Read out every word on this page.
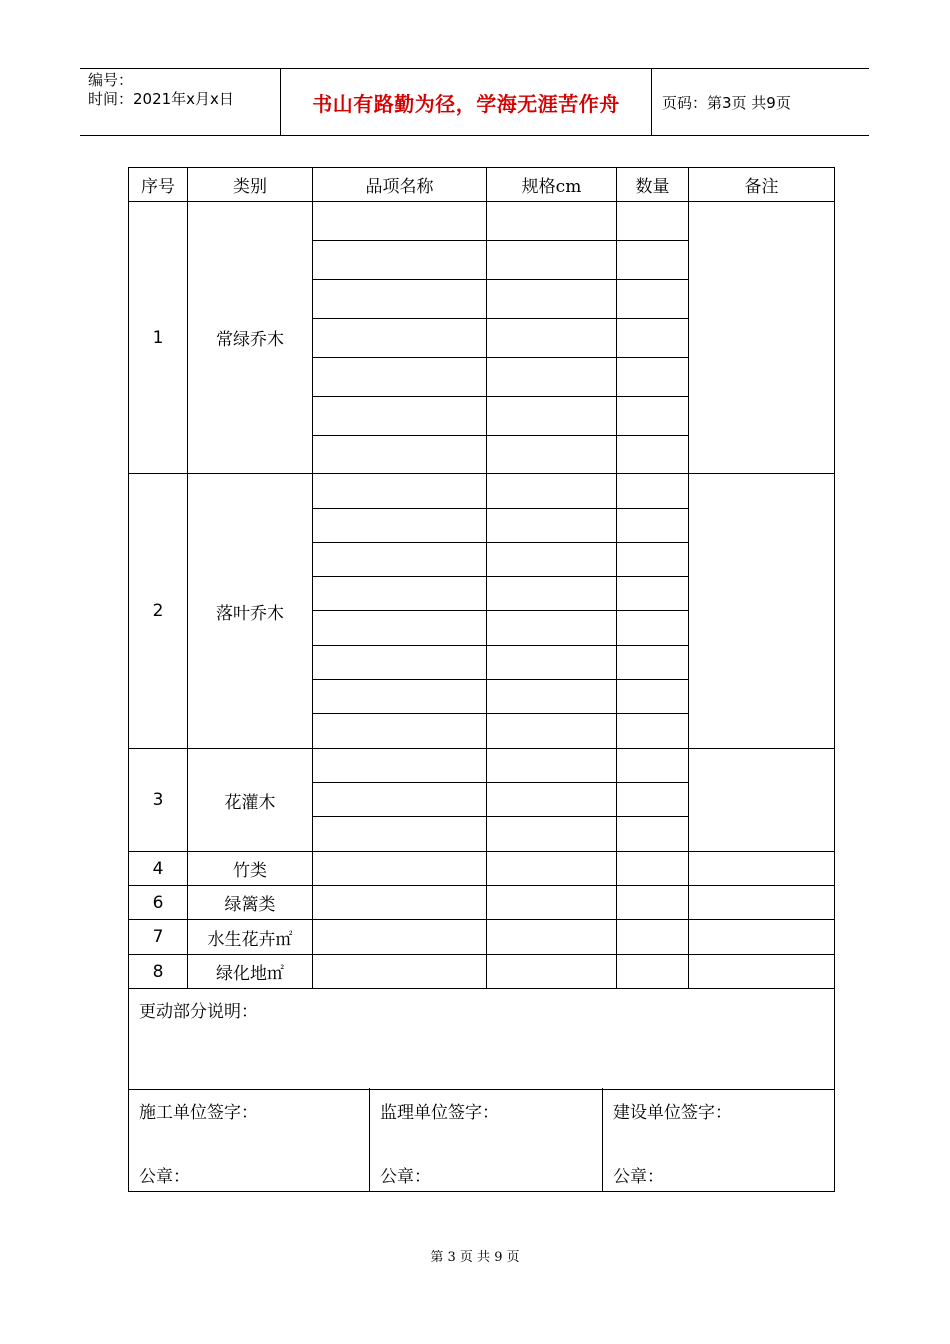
编号：
时间：2021年x月x日	书山有路勤为径，学海无涯苦作舟	页码：第3页 共9页
序号	类别	品项名称	规格cm	数量	备注
1	常绿乔木				

2	落叶乔木				

3	花灌木				

4	竹类				
6	绿篱类				
7	水生花卉㎡				
8	绿化地㎡				
更动部分说明：					
施工单位签字：
公章：
	监理单位签字：
公章：
	建设单位签字：
公章：
第 3 页 共 9 页
